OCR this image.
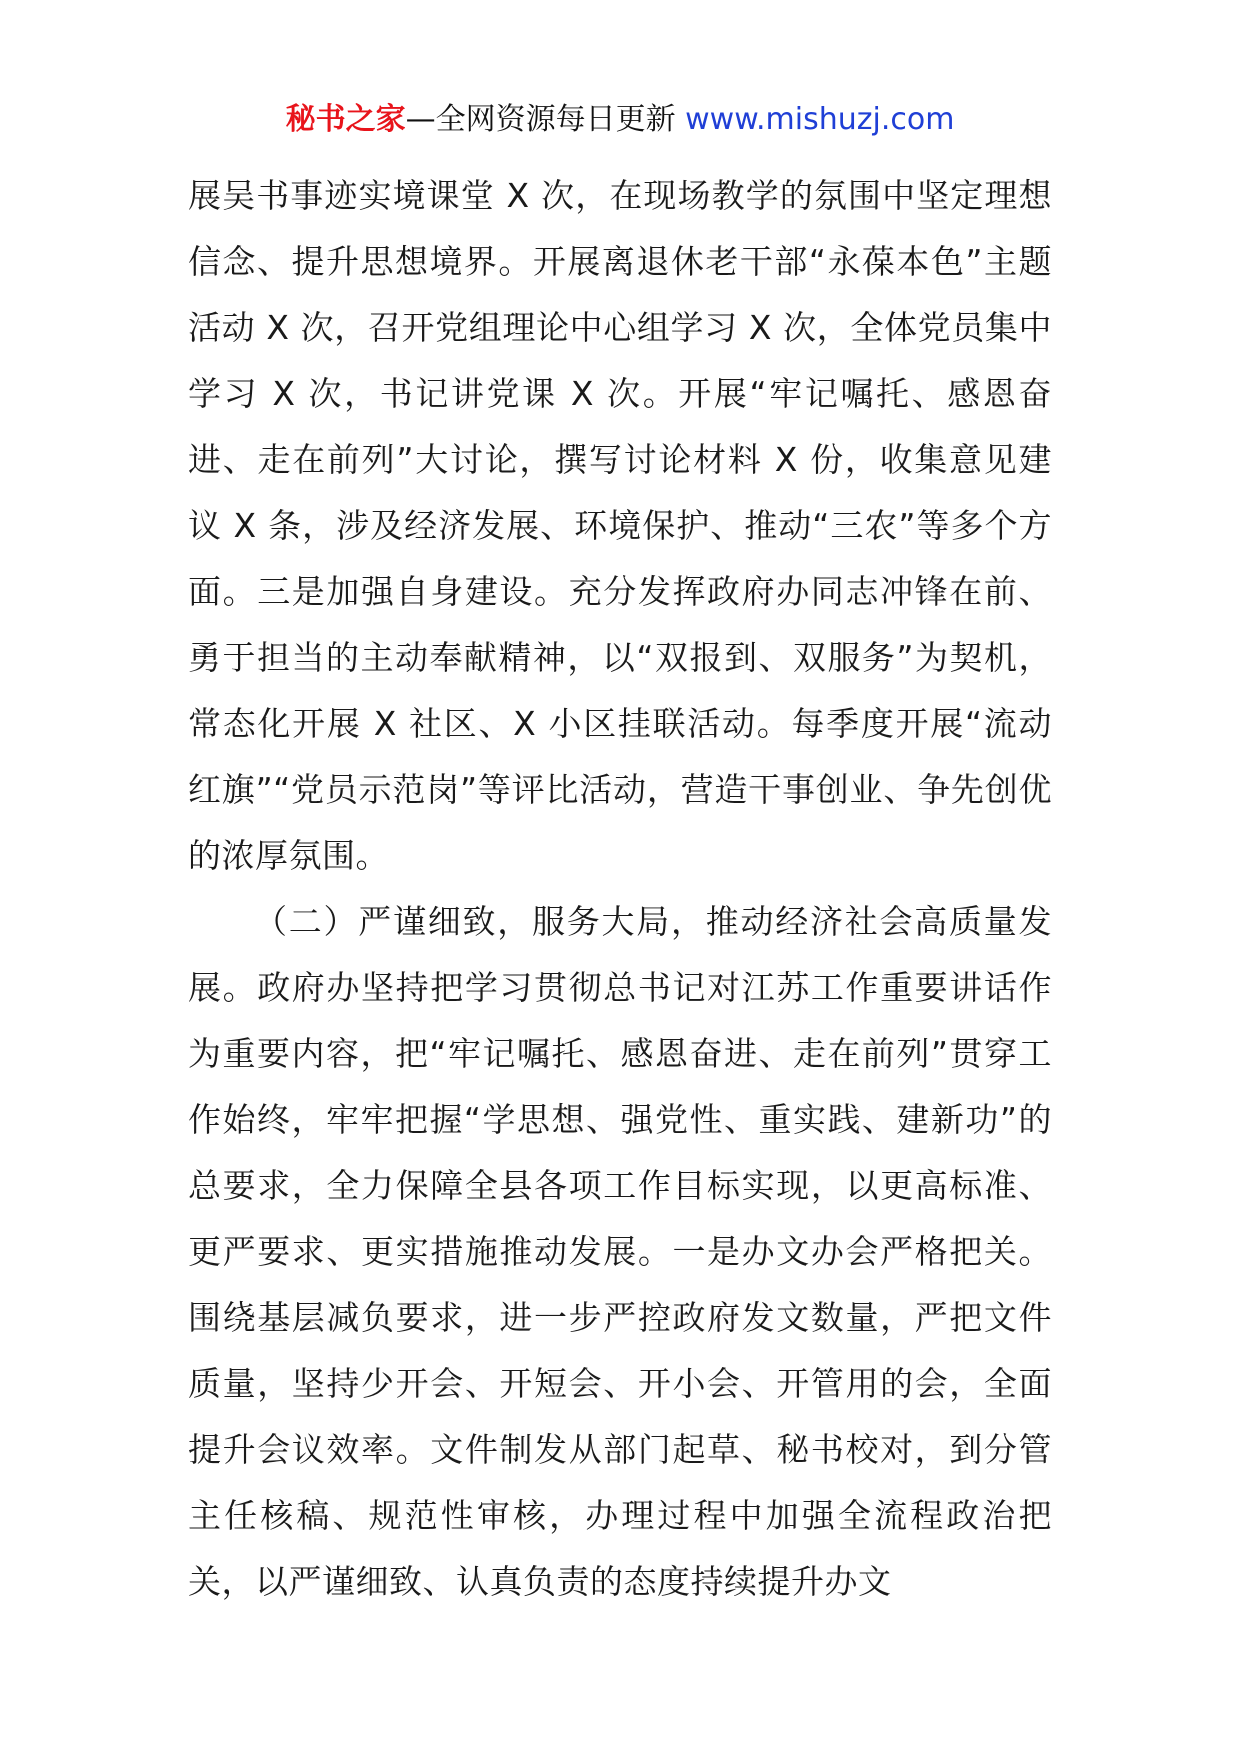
秘书之家—全网资源每日更新 www.mishuzj.com

展吴书事迹实境课堂 X 次，在现场教学的氛围中坚定理想信念、提升思想境界。开展离退休老干部“永葆本色”主题活动 X 次，召开党组理论中心组学习 X 次，全体党员集中学习 X 次，书记讲党课 X 次。开展“牢记嘱托、感恩奋进、走在前列”大讨论，撰写讨论材料 X 份，收集意见建议 X 条，涉及经济发展、环境保护、推动“三农”等多个方面。三是加强自身建设。充分发挥政府办同志冲锋在前、勇于担当的主动奉献精神，以“双报到、双服务”为契机，常态化开展 X 社区、X 小区挂联活动。每季度开展“流动红旗”“党员示范岗”等评比活动，营造干事创业、争先创优的浓厚氛围。

（二）严谨细致，服务大局，推动经济社会高质量发展。政府办坚持把学习贯彻总书记对江苏工作重要讲话作为重要内容，把“牢记嘱托、感恩奋进、走在前列”贯穿工作始终，牢牢把握“学思想、强党性、重实践、建新功”的总要求，全力保障全县各项工作目标实现，以更高标准、更严要求、更实措施推动发展。一是办文办会严格把关。围绕基层减负要求，进一步严控政府发文数量，严把文件质量，坚持少开会、开短会、开小会、开管用的会，全面提升会议效率。文件制发从部门起草、秘书校对，到分管主任核稿、规范性审核，办理过程中加强全流程政治把关，以严谨细致、认真负责的态度持续提升办文
